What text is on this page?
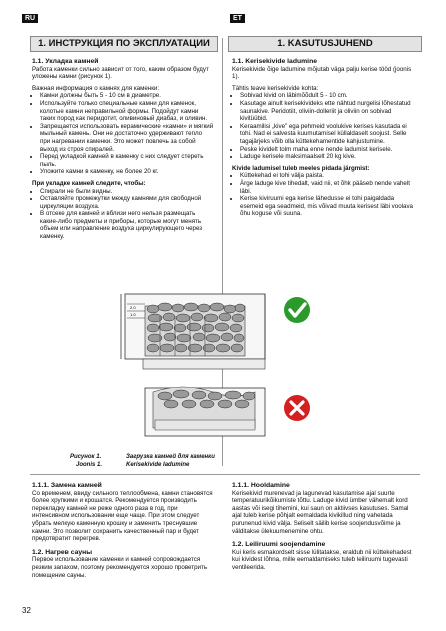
RU	ET
1. ИНСТРУКЦИЯ ПО ЭКСПЛУАТАЦИИ	1. KASUTUSJUHEND

1.1. Укладка камней

Работа каменки сильно зависит от того, каким образом будут уложены камни (рисунок 1).

Важная информация о камнях для каменки:

• Камни должны быть 5 - 10 см в диаметре.
• Используйте только специальные камни для каменок, колотые камни неправильной формы. Подойдут камни таких пород как перидотит, оливиновый диабаз, и оливин.
• Запрещается использовать керамические «камни» и мягкий мыльный камень. Они не достаточно удерживают тепло при нагревании каменки. Это может повлечь за собой выход из строя спиралей.
• Перед укладкой камней в каменку с них следует стереть пыль.
• Уложите камни в каменку, не более 20 кг.

При укладке камней следите, чтобы:

• Спирали не были видны.
• Оставляйте промежутки между камнями для свободной циркуляции воздуха.
• В отсеке для камней и вблизи него нельзя размещать какие-либо предметы и приборы, которые могут менять объем или направление воздуха циркулирующего через каменку.

1.1. Kerisekivide ladumine

Kerisekivide õige ladumine mõjutab väga palju kerise tööd (joonis 1).

Tähtis teave kerisekivide kohta:

• Sobivad kivid on läbimõõdult 5 - 10 cm.
• Kasutage ainult kerisekivideks ette nähtud nurgelisi lõhestatud saunakive. Peridotiit, oliviin-dolleriit ja oliviin on sobivad kivitüübid.
• Keraamilisi „kive” ega pehmeid voolukive kerises kasutada ei tohi. Nad ei salvesta kuumutamisel küllaldaselt soojust. Selle tagajärjeks võib olla küttekehamentide kahjustumine.
• Peske kividelt tolm maha enne nende ladumist kerisele.
• Laduge kerisele maksimaalselt 20 kg kive.

Kivide ladumisel tuleb meeles pidada järgmist:

• Küttekehad ei tohi välja paista.
• Ärge laduge kive tihedalt, vaid nii, et õhk pääseb nende vahelt läbi.
• Kerise kiviruumi ega kerise lähedusse ei tohi paigaldada esemeid ega seadmeid, mis võivad muuta kerisest läbi voolava õhu koguse või suuna.
2.0
1.0
Рисунок 1.
Joonis 1.
Загрузка камней для каменки
Kerisekivide ladumine

1.1.1. Замена камней

Со временем, ввиду сильного теплообмена, камни становятся более хрупкими и крошатся. Рекомендуется производить перекладку камней не реже одного раза в год, при интенсивном использовании еще чаще. При этом следует убрать мелкую каменную крошку и заменить треснувшие камни. Это позволит сохранить качественный пар и будет предотвратит перегрев.

1.2. Нагрев сауны

Первое использование каменки и камней сопровождается резким запахом, поэтому рекомендуется хорошо проветрить помещение сауны.

1.1.1. Hooldamine

Kerisekivid murenevad ja lagunevad kasutamise ajal suurte temperatuurikõikumiste tõttu. Laduge kivid ümber vähemalt kord aastas või isegi tihemini, kui saun on aktiivses kasutuses. Samal ajal tuleb kerise põhjalt eemaldada kivikillud ning vahetada purunenud kivid välja. Seliselt säilib kerise soojendusvõime ja välditakse ülekuumenemine ohtu.

1.2. Leiliruumi soojendamine

Kui keris esmakordselt sisse lülitatakse, eraldub nii küttekehadest kui kividest lõhna, mille eemaldamiseks tuleb leiliruumi tugevasti ventileerida.

32
